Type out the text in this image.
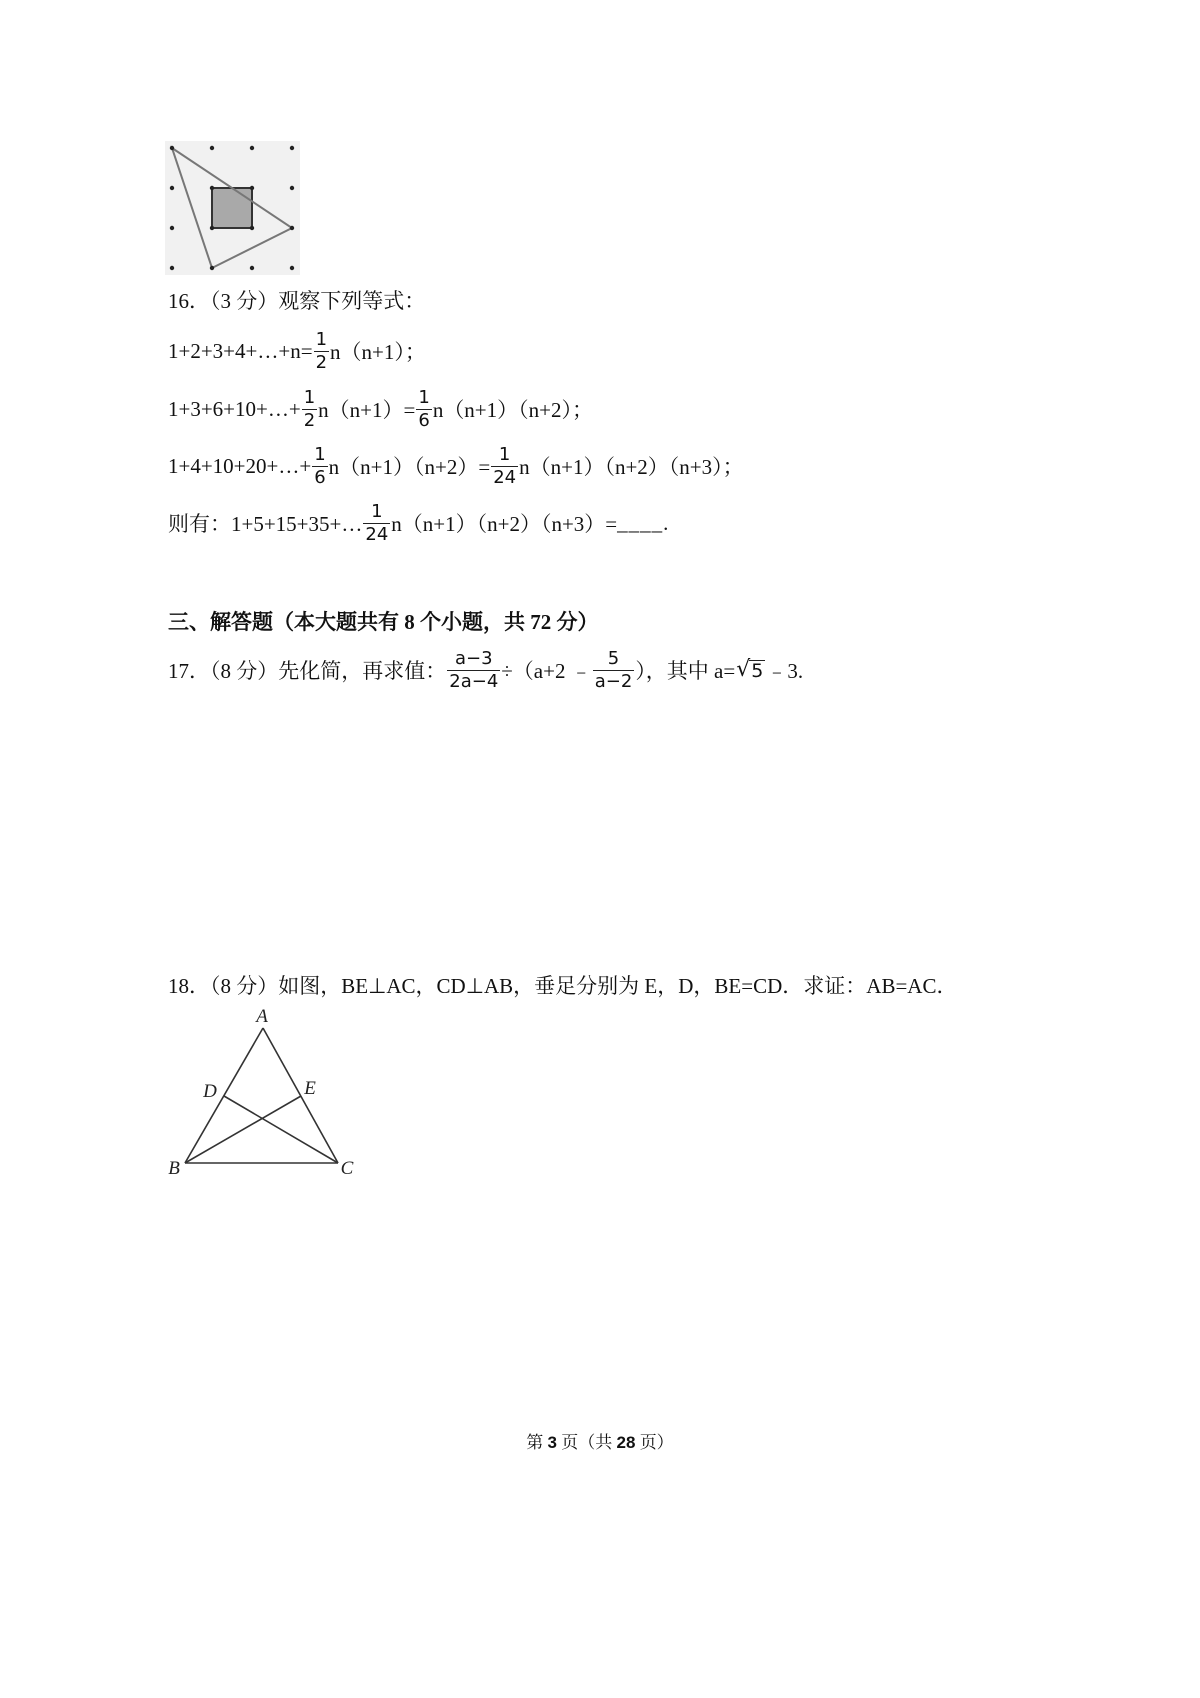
16．（3 分）观察下列等式：
1+2+3+4+…+n= $\frac{1}{2} n(n+1)$；
1+3+6+10+…+ $\frac{1}{2} n(n+1)= \frac{1}{6} n(n+1)(n+2)$；
1+4+10+20+…+ $\frac{1}{6} n(n+1)(n+2)= \frac{1}{24} n(n+1)(n+2)(n+3)$；
则有：1+5+15+35+… $\frac{1}{24} n(n+1)(n+2)(n+3)=$ ____ .
三、解答题（本大题共有 8 个小题，共 72 分）
17．（8 分）先化简，再求值： $\frac{a-3}{2a-4} \div(a+2$ ﹣ $\frac{5}{a-2}$ ），其中 a= √ 5 ﹣3.
18．（8 分）如图，BE⊥AC，CD⊥AB，垂足分别为 E，D，BE=CD．求证：AB=AC．
A
B	C
D	E
第 3 页（共 28 页）
